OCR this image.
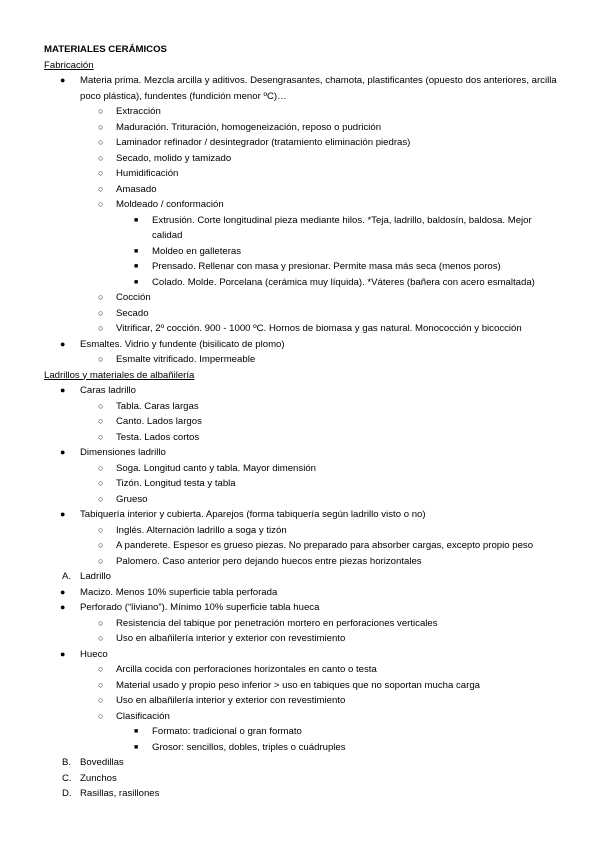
MATERIALES CERÁMICOS

Fabricación

● Materia prima. Mezcla arcilla y aditivos. Desengrasantes, chamota, plastificantes (opuesto dos anteriores, arcilla poco plástica), fundentes (fundición menor ºC)…
○ Extracción
○ Maduración. Trituración, homogeneización, reposo o pudrición
○ Laminador refinador / desintegrador (tratamiento eliminación piedras)
○ Secado, molido y tamizado
○ Humidificación
○ Amasado
○ Moldeado / conformación
■ Extrusión. Corte longitudinal pieza mediante hilos. *Teja, ladrillo, baldosín, baldosa. Mejor calidad
■ Moldeo en galleteras
■ Prensado. Rellenar con masa y presionar. Permite masa más seca (menos poros)
■ Colado. Molde. Porcelana (cerámica muy líquida). *Váteres (bañera con acero esmaltada)
○ Cocción
○ Secado
○ Vitrificar, 2º cocción. 900 - 1000 ºC. Hornos de biomasa y gas natural. Monococción y bicocción
● Esmaltes. Vidrio y fundente (bisilicato de plomo)
○ Esmalte vitrificado. Impermeable

Ladrillos y materiales de albañilería

● Caras ladrillo
○ Tabla. Caras largas
○ Canto. Lados largos
○ Testa. Lados cortos
● Dimensiones ladrillo
○ Soga. Longitud canto y tabla. Mayor dimensión
○ Tizón. Longitud testa y tabla
○ Grueso
● Tabiquería interior y cubierta. Aparejos (forma tabiquería según ladrillo visto o no)
○ Inglés. Alternación ladrillo a soga y tizón
○ A panderete. Espesor es grueso piezas. No preparado para absorber cargas, excepto propio peso
○ Palomero. Caso anterior pero dejando huecos entre piezas horizontales
A. Ladrillo
● Macizo. Menos 10% superficie tabla perforada
● Perforado (“liviano”). Mínimo 10% superficie tabla hueca
○ Resistencia del tabique por penetración mortero en perforaciones verticales
○ Uso en albañilería interior y exterior con revestimiento
● Hueco
○ Arcilla cocida con perforaciones horizontales en canto o testa
○ Material usado y propio peso inferior > uso en tabiques que no soportan mucha carga
○ Uso en albañilería interior y exterior con revestimiento
○ Clasificación
■ Formato: tradicional o gran formato
■ Grosor: sencillos, dobles, triples o cuádruples
B. Bovedillas
C. Zunchos
D. Rasillas, rasillones
